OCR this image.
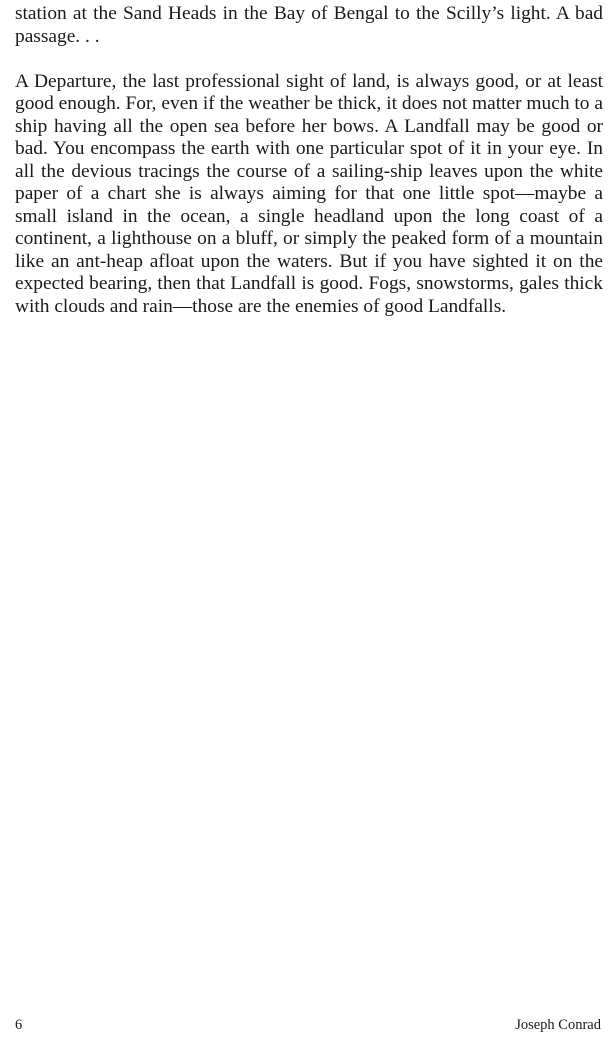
station at the Sand Heads in the Bay of Bengal to the Scilly’s light. A bad passage. . .

A Departure, the last professional sight of land, is always good, or at least good enough. For, even if the weather be thick, it does not matter much to a ship having all the open sea before her bows. A Landfall may be good or bad. You encompass the earth with one particular spot of it in your eye. In all the devious tracings the course of a sailing-ship leaves upon the white paper of a chart she is always aiming for that one little spot—maybe a small island in the ocean, a single headland upon the long coast of a continent, a lighthouse on a bluff, or simply the peaked form of a mountain like an ant-heap afloat upon the waters. But if you have sighted it on the expected bearing, then that Landfall is good. Fogs, snowstorms, gales thick with clouds and rain—those are the enemies of good Landfalls.

6	Joseph Conrad
